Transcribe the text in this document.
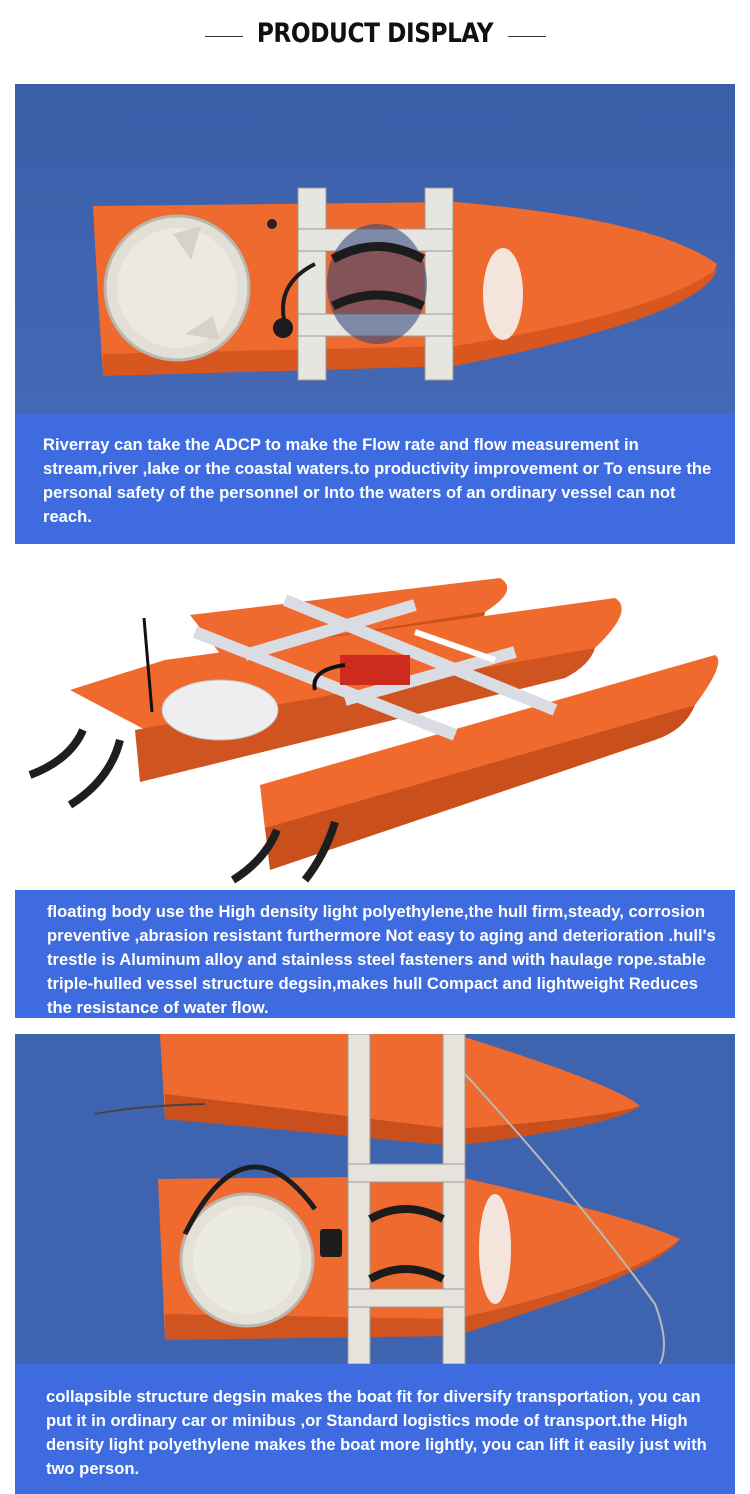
PRODUCT DISPLAY

Riverray can take the ADCP to make the Flow rate and flow measurement in stream,river ,lake or the coastal waters.to productivity improvement or To ensure the personal safety of the personnel or Into the waters of an ordinary vessel can not reach.

floating body use the High density light polyethylene,the hull firm,steady, corrosion preventive ,abrasion resistant furthermore Not easy to aging and deterioration .hull's trestle is Aluminum alloy and stainless steel fasteners and with haulage rope.stable triple-hulled vessel structure degsin,makes hull Compact and lightweight Reduces the resistance of water flow.

collapsible structure degsin makes the boat fit for diversify transportation, you can put it in ordinary car or minibus ,or Standard logistics mode of transport.the High density light polyethylene makes the boat more lightly, you can lift it easily just with two person.
